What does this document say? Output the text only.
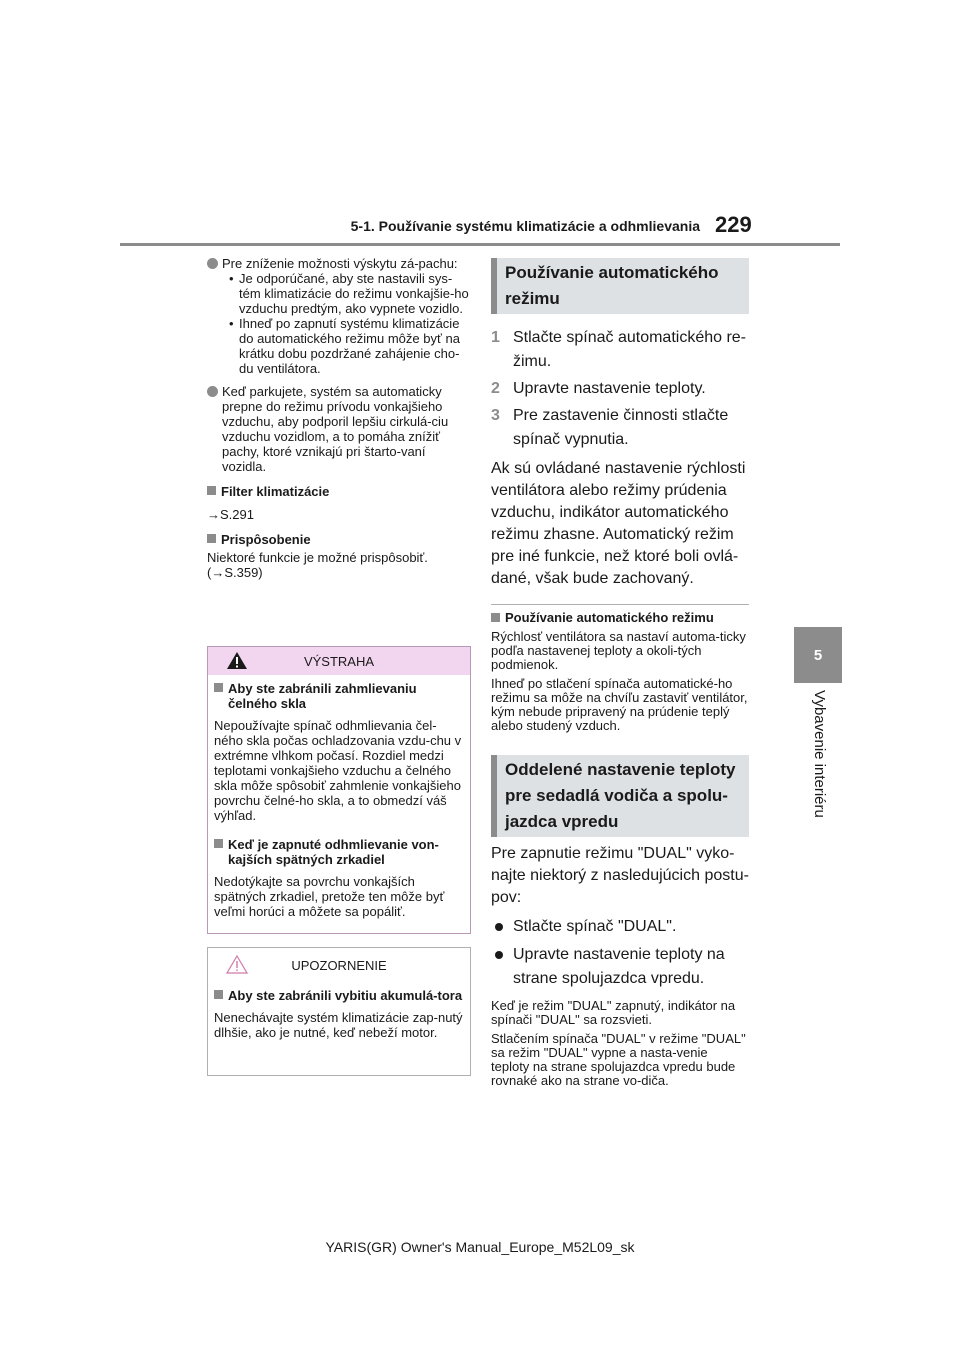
5-1. Používanie systému klimatizácie a odhmlievania 229
5
Vybavenie interiéru
Pre zníženie možnosti výskytu zá-pachu:
• Je odporúčané, aby ste nastavili sys-tém klimatizácie do režimu vonkajšie-ho vzduchu predtým, ako vypnete vozidlo.
• Ihneď po zapnutí systému klimatizácie do automatického režimu môže byť na krátku dobu pozdržané zahájenie cho-du ventilátora.
Keď parkujete, systém sa automaticky prepne do režimu prívodu vonkajšieho vzduchu, aby podporil lepšiu cirkulá-ciu vzduchu vozidlom, a to pomáha znížiť pachy, ktoré vznikajú pri štarto-vaní vozidla.
Filter klimatizácie
→S.291
Prispôsobenie
Niektoré funkcie je možné prispôsobiť. (→S.359)
VÝSTRAHA

Aby ste zabránili zahmlievaniu čelného skla

Nepoužívajte spínač odhmlievania čel-ného skla počas ochladzovania vzdu-chu v extrémne vlhkom počasí. Rozdiel medzi teplotami vonkajšieho vzduchu a čelného skla môže spôsobiť zahmlenie vonkajšieho povrchu čelné-ho skla, a to obmedzí váš výhľad.

Keď je zapnuté odhmlievanie von-kajších spätných zrkadiel

Nedotýkajte sa povrchu vonkajších spätných zrkadiel, pretože ten môže byť veľmi horúci a môžete sa popáliť.

UPOZORNENIE

Aby ste zabránili vybitiu akumulá-tora

Nenechávajte systém klimatizácie zap-nutý dlhšie, ako je nutné, keď nebeží motor.

Používanie automatického režimu
1 Stlačte spínač automatického re-žimu.
2 Upravte nastavenie teploty.
3 Pre zastavenie činnosti stlačte spínač vypnutia.
Ak sú ovládané nastavenie rýchlosti ventilátora alebo režimy prúdenia vzduchu, indikátor automatického režimu zhasne. Automatický režim pre iné funkcie, než ktoré boli ovlá-dané, však bude zachovaný.
Používanie automatického režimu
Rýchlosť ventilátora sa nastaví automa-ticky podľa nastavenej teploty a okoli-tých podmienok.
Ihneď po stlačení spínača automatické-ho režimu sa môže na chvíľu zastaviť ventilátor, kým nebude pripravený na prúdenie teplý alebo studený vzduch.
Oddelené nastavenie teploty pre sedadlá vodiča a spolu-jazdca vpredu
Pre zapnutie režimu "DUAL" vyko-najte niektorý z nasledujúcich postu-pov:
Stlačte spínač "DUAL".
Upravte nastavenie teploty na strane spolujazdca vpredu.
Keď je režim "DUAL" zapnutý, indikátor na spínači "DUAL" sa rozsvieti.
Stlačením spínača "DUAL" v režime "DUAL" sa režim "DUAL" vypne a nasta-venie teploty na strane spolujazdca vpredu bude rovnaké ako na strane vo-diča.
YARIS(GR) Owner's Manual_Europe_M52L09_sk
